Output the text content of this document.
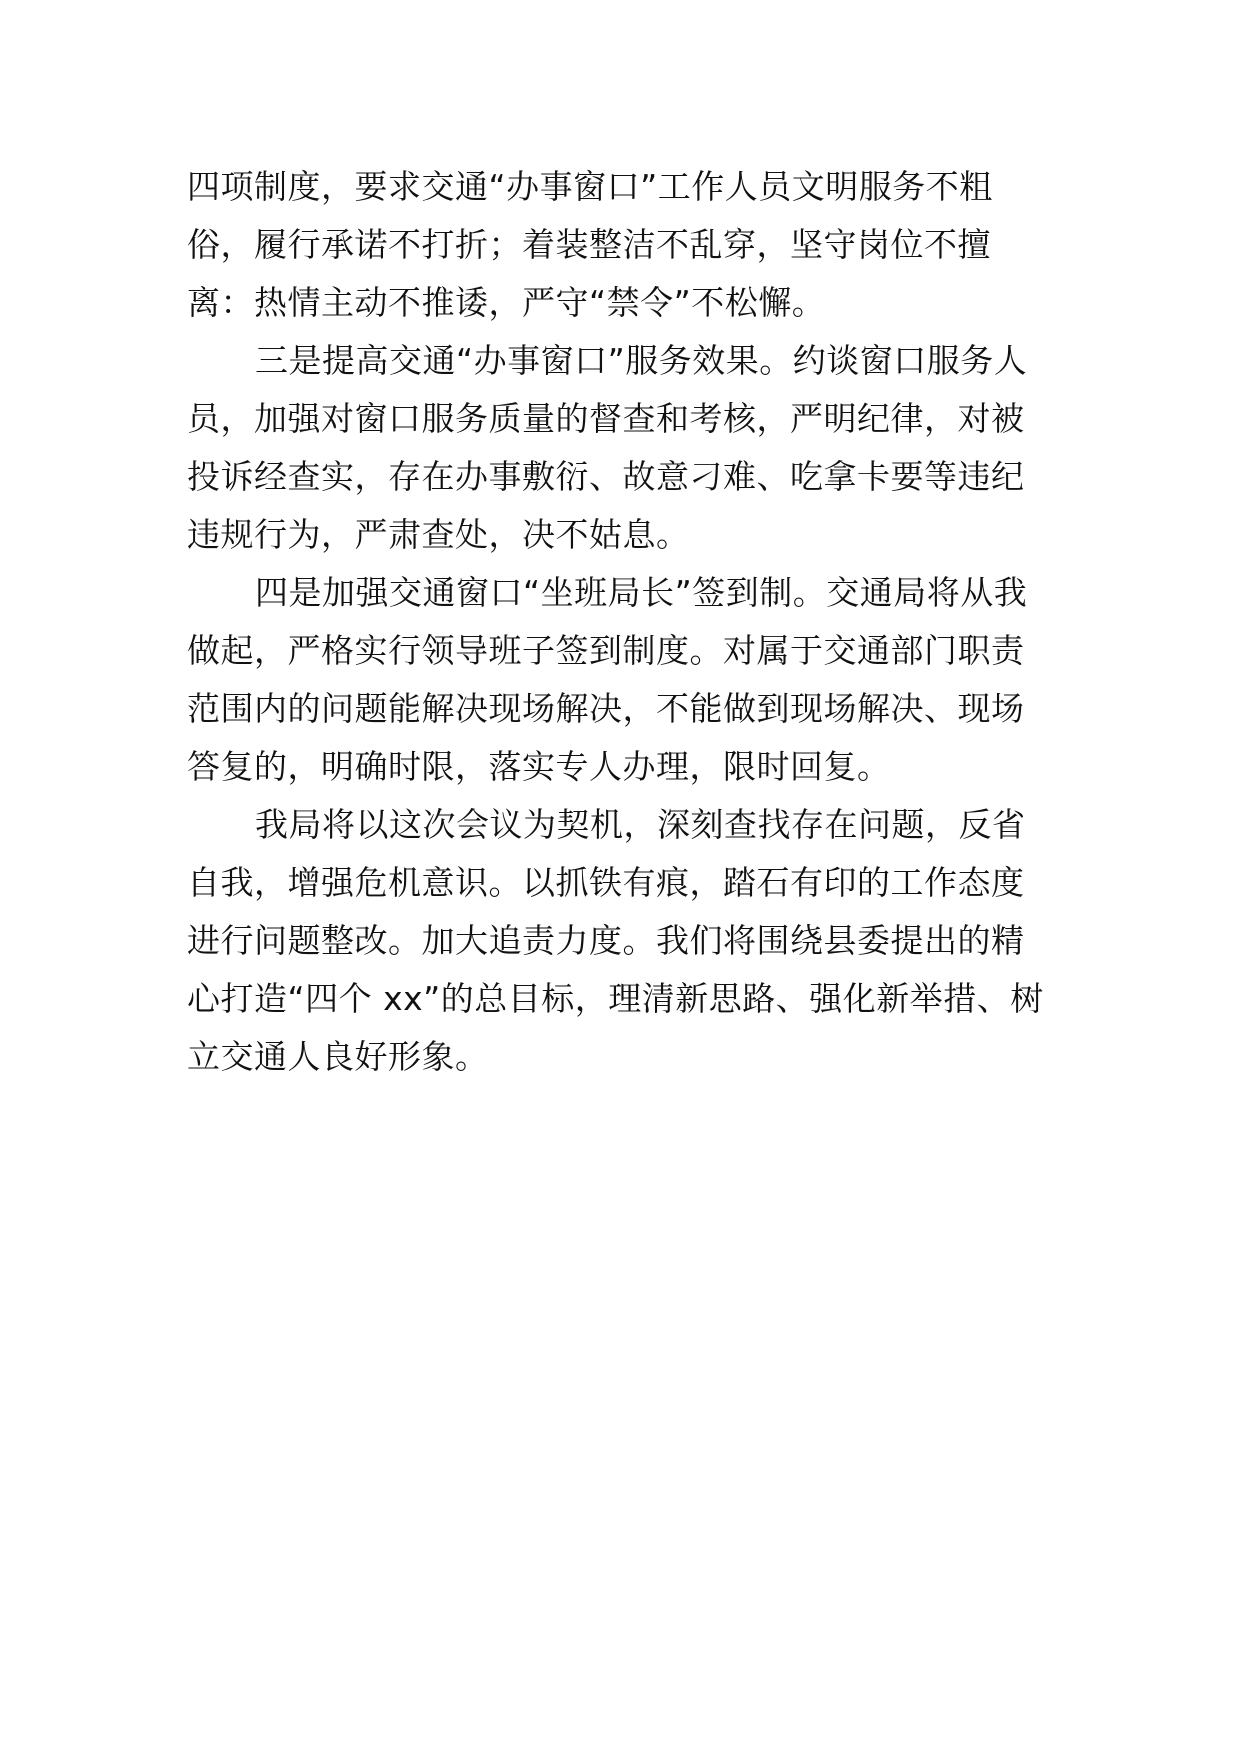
四项制度，要求交通“办事窗口”工作人员文明服务不粗
俗，履行承诺不打折；着装整洁不乱穿，坚守岗位不擅
离：热情主动不推诿，严守“禁令”不松懈。
三是提高交通“办事窗口”服务效果。约谈窗口服务人
员，加强对窗口服务质量的督查和考核，严明纪律，对被
投诉经查实，存在办事敷衍、故意刁难、吃拿卡要等违纪
违规行为，严肃查处，决不姑息。
四是加强交通窗口“坐班局长”签到制。交通局将从我
做起，严格实行领导班子签到制度。对属于交通部门职责
范围内的问题能解决现场解决，不能做到现场解决、现场
答复的，明确时限，落实专人办理，限时回复。
我局将以这次会议为契机，深刻查找存在问题，反省
自我，增强危机意识。以抓铁有痕，踏石有印的工作态度
进行问题整改。加大追责力度。我们将围绕县委提出的精
心打造“四个 xx”的总目标，理清新思路、强化新举措、树
立交通人良好形象。
